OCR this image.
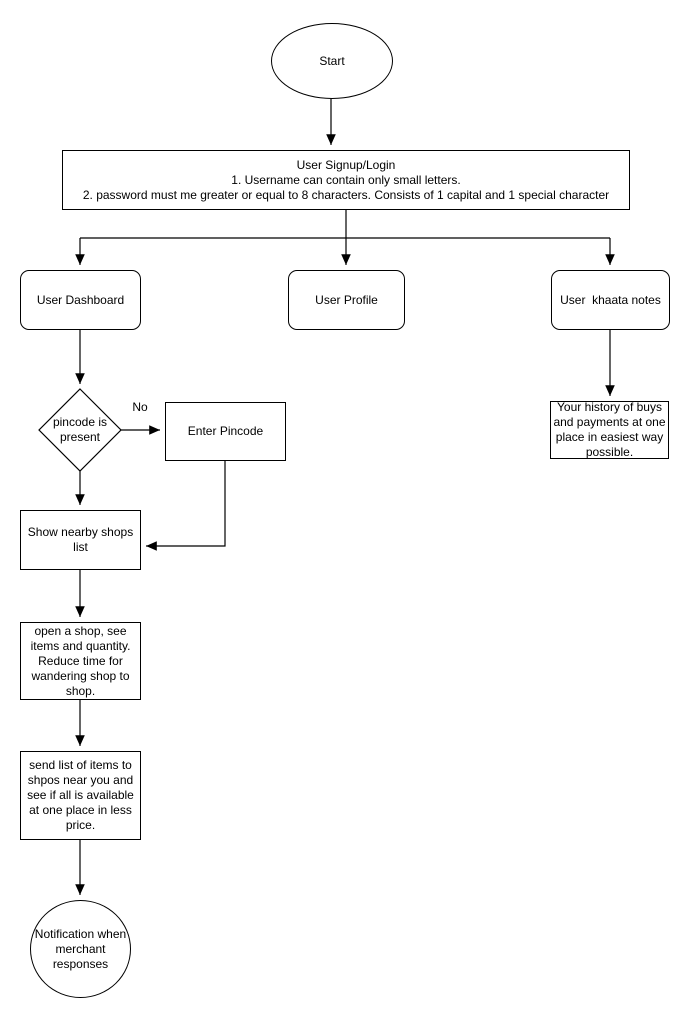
Start
User Signup/Login
1. Username can contain only small letters.
2. password must me greater or equal to 8 characters. Consists of 1 capital and 1 special character
User Dashboard	User Profile	User  khaata notes
pincode is present
No
Enter Pincode
Show nearby shops list
open a shop, see items and quantity. Reduce time for wandering shop to shop.
send list of items to shpos near you and see if all is available at one place in less price.
Notification when merchant responses
Your history of buys and payments at one place in easiest way possible.
